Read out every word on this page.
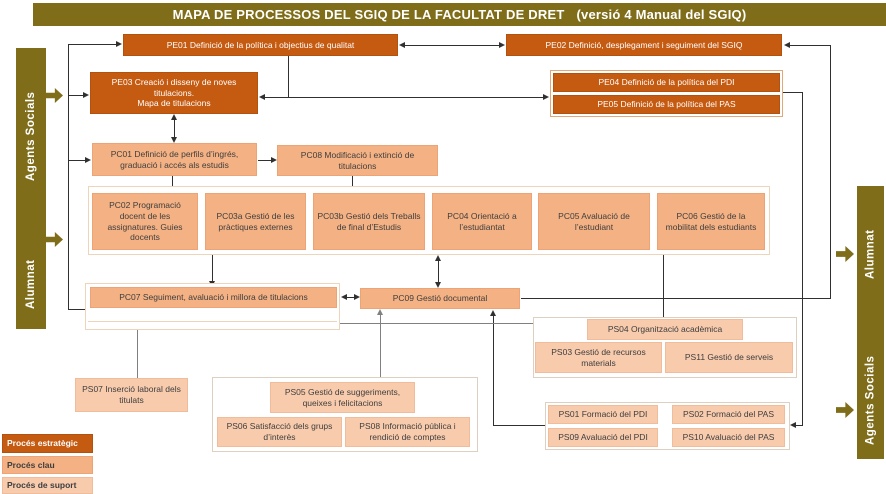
MAPA DE PROCESSOS DEL SGIQ DE LA FACULTAT DE DRET (versió 4 Manual del SGIQ)
Agents Socials
Alumnat
Alumnat
Agents Socials
PE01 Definició de la política i objectius de qualitat	PE02 Definició, desplegament i seguiment del SGIQ
PE03 Creació i disseny de noves titulacions.
Mapa de titulacions
PE04 Definició de la política del PDI
PE05 Definició de la política del PAS
PC01 Definició de perfils d’ingrés, graduació i accés als estudis
PC08 Modificació i extinció de titulacions
PC02 Programació docent de les assignatures. Guies docents
PC03a Gestió de les pràctiques externes
PC03b Gestió dels Treballs de final d’Estudis
PC04 Orientació a l’estudiantat
PC05 Avaluació de l’estudiant
PC06 Gestió de la mobilitat dels estudiants
PC07 Seguiment, avaluació i millora de titulacions	PC09 Gestió documental
PS04 Organització acadèmica
PS03 Gestió de recursos materials
PS11 Gestió de serveis
PS07 Inserció laboral dels titulats
PS05 Gestió de suggeriments, queixes i felicitacions
PS06 Satisfacció dels grups d’interès
PS08 Informació pública i rendició de comptes
PS01 Formació del PDI	PS02 Formació del PAS
PS09 Avaluació del PDI	PS10 Avaluació del PAS
Procés estratègic
Procés clau
Procés de suport
